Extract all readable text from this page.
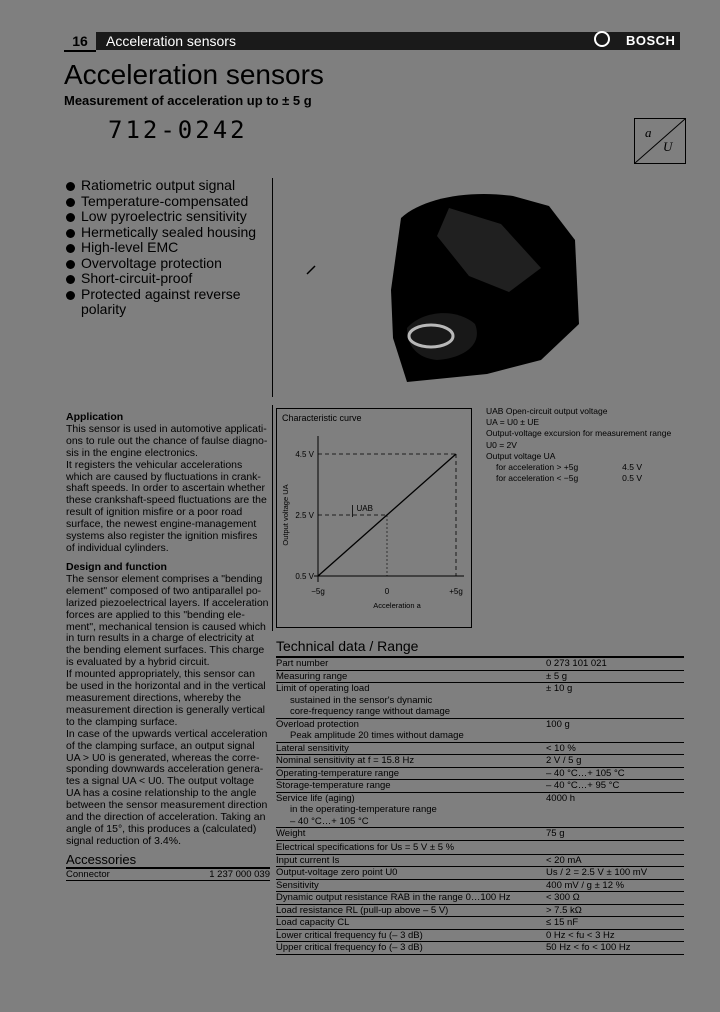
16	Acceleration sensors	BOSCH
Acceleration sensors
Measurement of acceleration up to ± 5 g
712-0242	a
U
Ratiometric output signal
Temperature-compensated
Low pyroelectric sensitivity
Hermetically sealed housing
High-level EMC
Overvoltage protection
Short-circuit-proof
Protected against reverse polarity
Application

This sensor is used in automotive applicati-

ons to rule out the chance of faulse diagno-

sis in the engine electronics.

It registers the vehicular accelerations

which are caused by fluctuations in crank-

shaft speeds. In order to ascertain whether

these crankshaft-speed fluctuations are the

result of ignition misfire or a poor road

surface, the newest engine-management

systems also register the ignition misfires

of individual cylinders.

Design and function

The sensor element comprises a "bending

element" composed of two antiparallel po-

larized piezoelectrical layers. If acceleration

forces are applied to this "bending ele-

ment", mechanical tension is caused which

in turn results in a charge of electricity at

the bending element surfaces. This charge

is evaluated by a hybrid circuit.

If mounted appropriately, this sensor can

be used in the horizontal and in the vertical

measurement directions, whereby the

measurement direction is generally vertical

to the clamping surface.

In case of the upwards vertical acceleration

of the clamping surface, an output signal

UA > U0 is generated, whereas the corre-

sponding downwards acceleration genera-

tes a signal UA < U0. The output voltage

UA has a cosine relationship to the angle

between the sensor measurement direction

and the direction of acceleration. Taking an

angle of 15°, this produces a (calculated)

signal reduction of 3.4%.

Characteristic curve
0.5 V
2.5 V
4.5 V
−5g	0	+5g
UAB
Acceleration a
Output voltage UA
UAB Open-circuit output voltage
UA = U0 ± UE
Output-voltage excursion for measurement range
U0 = 2V
Output voltage UA
for acceleration > +5g	4.5 V
for acceleration < −5g	0.5 V
Technical data / Range
Part number	0 273 101 021
Measuring range	± 5 g
Limit of operating load	± 10 g
sustained in the sensor's dynamic
core-frequency range without damage
Overload protection	100 g
Peak amplitude 20 times without damage
Lateral sensitivity	< 10 %
Nominal sensitivity at f = 15.8 Hz	2 V / 5 g
Operating-temperature range	– 40 °C…+ 105 °C
Storage-temperature range	– 40 °C…+ 95 °C
Service life (aging)	4000 h
in the operating-temperature range
– 40 °C…+ 105 °C
Weight	75 g
Electrical specifications for Us = 5 V ± 5 %
Input current Is	< 20 mA
Output-voltage zero point U0	Us / 2 = 2.5 V ± 100 mV
Sensitivity	400 mV / g ± 12 %
Dynamic output resistance RAB in the range 0…100 Hz	< 300 Ω
Load resistance RL (pull-up above – 5 V)	> 7.5 kΩ
Load capacity CL	≤ 15 nF
Lower critical frequency fu (– 3 dB)	0 Hz < fu < 3 Hz
Upper critical frequency fo (– 3 dB)	50 Hz < fo < 100 Hz
Accessories
Connector	1 237 000 039
